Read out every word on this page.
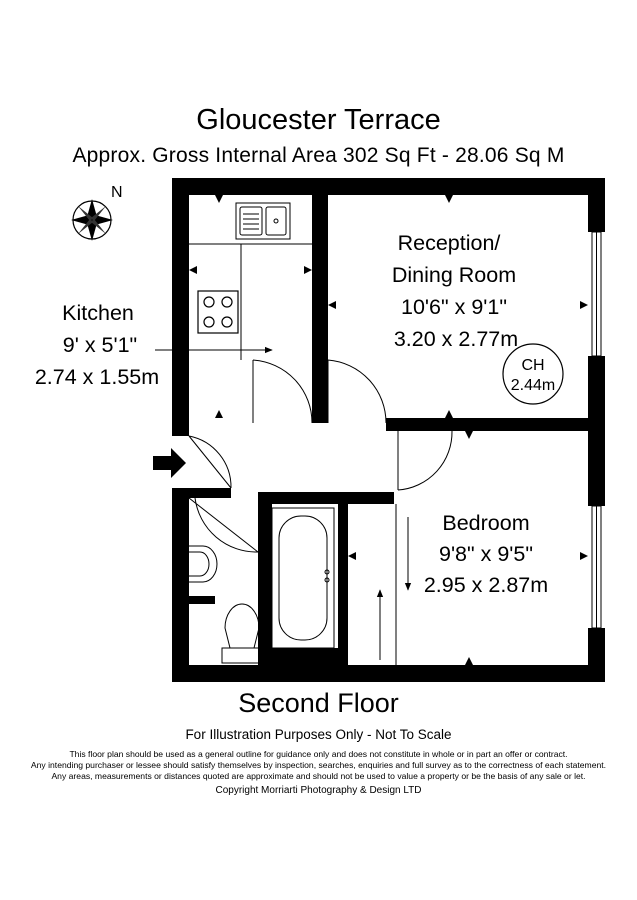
Gloucester Terrace
Approx. Gross Internal Area 302 Sq Ft - 28.06 Sq M
N
CH
2.44m
Reception/
Dining Room
10'6" x 9'1"
3.20 x 2.77m
Kitchen
9' x 5'1"
2.74 x 1.55m
Bedroom
9'8" x 9'5"
2.95 x 2.87m
Second Floor
For Illustration Purposes Only - Not To Scale
This floor plan should be used as a general outline for guidance only and does not constitute in whole or in part an offer or contract.
Any intending purchaser or lessee should satisfy themselves by inspection, searches, enquiries and full survey as to the correctness of each statement.
Any areas, measurements or distances quoted are approximate and should not be used to value a property or be the basis of any sale or let.
Copyright Morriarti Photography & Design LTD
